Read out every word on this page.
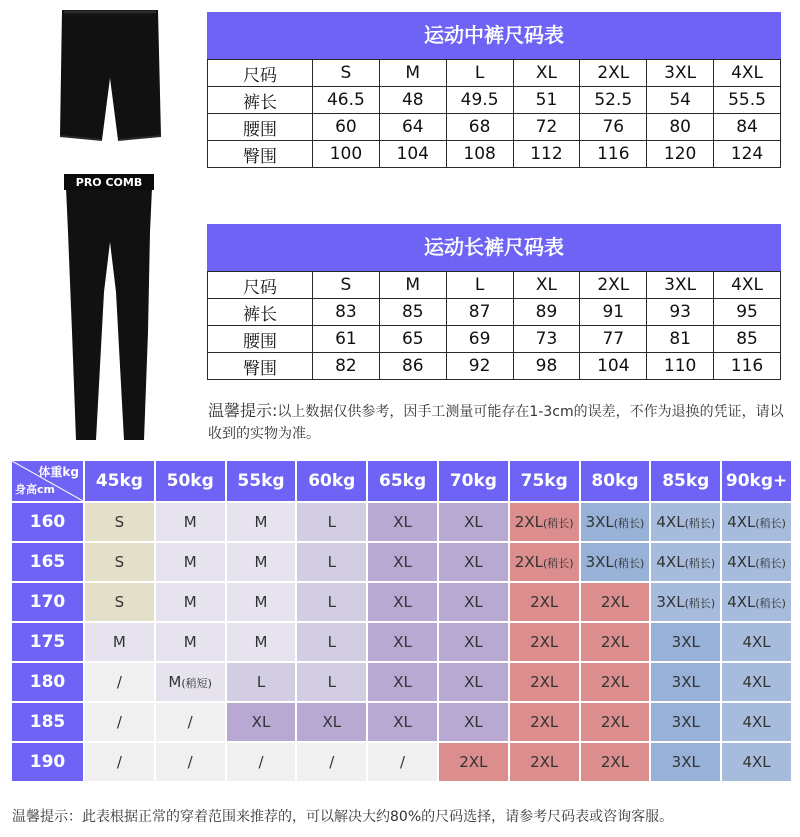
PRO COMB
运动中裤尺码表
尺码	S	M	L	XL	2XL	3XL	4XL
裤长	46.5	48	49.5	51	52.5	54	55.5
腰围	60	64	68	72	76	80	84
臀围	100	104	108	112	116	120	124
运动长裤尺码表
尺码	S	M	L	XL	2XL	3XL	4XL
裤长	83	85	87	89	91	93	95
腰围	61	65	69	73	77	81	85
臀围	82	86	92	98	104	110	116
温馨提示:以上数据仅供参考，因手工测量可能存在1-3cm的误差，不作为退换的凭证，请以收到的实物为准。
体重kg
身高cm	45kg	50kg	55kg	60kg	65kg	70kg	75kg	80kg	85kg	90kg+
160	S	M	M	L	XL	XL	2XL(稍长)	3XL(稍长)	4XL(稍长)	4XL(稍长)
165	S	M	M	L	XL	XL	2XL(稍长)	3XL(稍长)	4XL(稍长)	4XL(稍长)
170	S	M	M	L	XL	XL	2XL	2XL	3XL(稍长)	4XL(稍长)
175	M	M	M	L	XL	XL	2XL	2XL	3XL	4XL
180	/	M(稍短)	L	L	XL	XL	2XL	2XL	3XL	4XL
185	/	/	XL	XL	XL	XL	2XL	2XL	3XL	4XL
190	/	/	/	/	/	2XL	2XL	2XL	3XL	4XL
温馨提示：此表根据正常的穿着范围来推荐的，可以解决大约80%的尺码选择，请参考尺码表或咨询客服。
